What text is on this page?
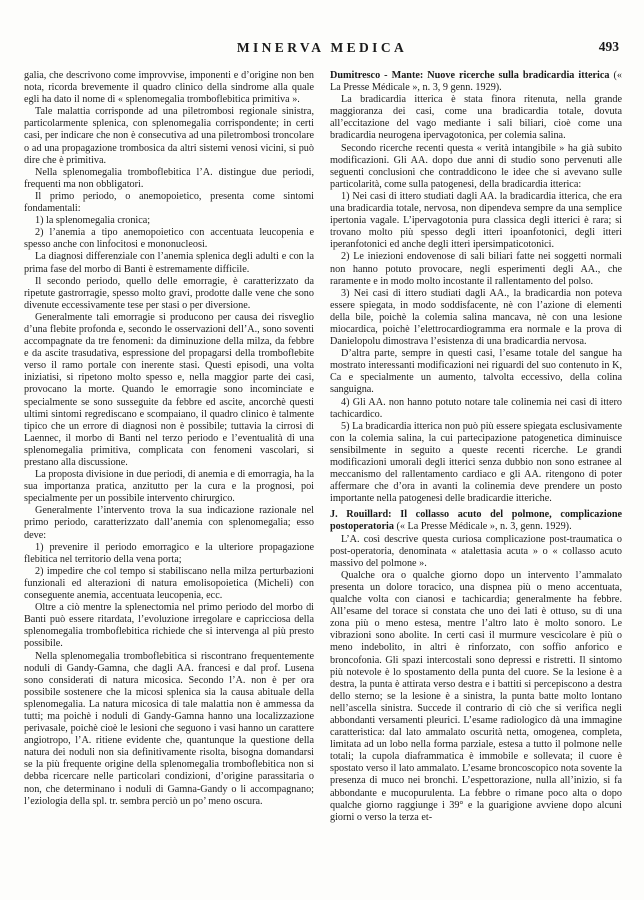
MINERVA MEDICA	493

galia, che descrivono come improvvise, imponenti e d’origine non ben nota, ricorda brevemente il quadro clinico della sindrome alla quale egli ha dato il nome di « splenomegalia tromboflebitica primitiva ».

Tale malattia corrisponde ad una piletrombosi regionale sinistra, particolarmente splenica, con splenomegalia corrispondente; in certi casi, per indicare che non è consecutiva ad una piletrombosi troncolare o ad una propagazione trombosica da altri sistemi venosi vicini, si può dire che è primitiva.

Nella splenomegalia tromboflebitica l’A. distingue due periodi, frequenti ma non obbligatori.

Il primo periodo, o anemopoietico, presenta come sintomi fondamentali:

1) la splenomegalia cronica;

2) l’anemia a tipo anemopoietico con accentuata leucopenia e spesso anche con linfocitosi e mononucleosi.

La diagnosi differenziale con l’anemia splenica degli adulti e con la prima fase del morbo di Banti è estremamente difficile.

Il secondo periodo, quello delle emorragie, è caratterizzato da ripetute gastrorragie, spesso molto gravi, prodotte dalle vene che sono divenute eccessivamente tese per stasi o per diversione.

Generalmente tali emorragie si producono per causa dei risveglio d’una flebite profonda e, secondo le osservazioni dell’A., sono soventi accompagnate da tre fenomeni: da diminuzione della milza, da febbre e da ascite trasudativa, espressione del propagarsi della tromboflebite verso il ramo portale con inerente stasi. Questi episodi, una volta iniziatisi, si ripetono molto spesso e, nella maggior parte dei casi, provocano la morte. Quando le emorragie sono incominciate e specialmente se sono susseguite da febbre ed ascite, ancorchè questi ultimi sintomi regrediscano e scompaiano, il quadro clinico è talmente tipico che un errore di diagnosi non è possibile; tuttavia la cirrosi di Laennec, il morbo di Banti nel terzo periodo e l’eventualità di una splenomegalia primitiva, complicata con fenomeni vascolari, si prestano alla discussione.

La proposta divisione in due periodi, di anemia e di emorragia, ha la sua importanza pratica, anzitutto per la cura e la prognosi, poi specialmente per un possibile intervento chirurgico.

Generalmente l’intervento trova la sua indicazione razionale nel primo periodo, caratterizzato dall’anemia con splenomegalia; esso deve:

1) prevenire il periodo emorragico e la ulteriore propagazione flebitica nel territorio della vena porta;

2) impedire che col tempo si stabiliscano nella milza perturbazioni funzionali ed alterazioni di natura emolisopoietica (Micheli) con conseguente anemia, accentuata leucopenia, ecc.

Oltre a ciò mentre la splenectomia nel primo periodo del morbo di Banti può essere ritardata, l’evoluzione irregolare e capricciosa della splenomegalia tromboflebitica richiede che si intervenga al più presto possibile.

Nella splenomegalia tromboflebitica si riscontrano frequentemente noduli di Gandy-Gamna, che dagli AA. francesi e dal prof. Lusena sono considerati di natura micosica. Secondo l’A. non è per ora possibile sostenere che la micosi splenica sia la causa abituale della splenomegalia. La natura micosica di tale malattia non è ammessa da tutti; ma poichè i noduli di Gandy-Gamna hanno una localizzazione perivasale, poichè cioè le lesioni che seguono i vasi hanno un carattere angiotropo, l’A. ritiene evidente che, quantunque la questione della natura dei noduli non sia definitivamente risolta, bisogna domandarsi se la più frequente origine della splenomegalia tromboflebitica non si debba ricercare nelle particolari condizioni, d’origine parassitaria o non, che determinano i noduli di Gamna-Gandy o li accompagnano; l’eziologia della spl. tr. sembra perciò un po’ meno oscura.

Dumitresco - Mante: Nuove ricerche sulla bradicardia itterica (« La Presse Médicale », n. 3, 9 genn. 1929).

La bradicardia itterica è stata finora ritenuta, nella grande maggioranza dei casi, come una bradicardia totale, dovuta all’eccitazione del vago mediante i sali biliari, cioè come una bradicardia neurogena ipervagotonica, per colemia salina.

Secondo ricerche recenti questa « verità intangibile » ha già subito modificazioni. Gli AA. dopo due anni di studio sono pervenuti alle seguenti conclusioni che contraddicono le idee che si avevano sulle particolarità, come sulla patogenesi, della bradicardia itterica:

1) Nei casi di ittero studiati dagli AA. la bradicardia itterica, che era una bradicardia totale, nervosa, non dipendeva sempre da una semplice ipertonia vagale. L’ipervagotonia pura classica degli itterici è rara; si trovano molto più spesso degli itteri ipoanfotonici, degli itteri iperanfotonici ed anche degli itteri ipersimpaticotonici.

2) Le iniezioni endovenose di sali biliari fatte nei soggetti normali non hanno potuto provocare, negli esperimenti degli AA., che raramente e in modo molto incostante il rallentamento del polso.

3) Nei casi di ittero studiati dagli AA., la bradicardia non poteva essere spiegata, in modo soddisfacente, nè con l’azione di elementi della bile, poichè la colemia salina mancava, nè con una lesione miocardica, poichè l’elettrocardiogramma era normale e la prova di Danielopolu dimostrava l’esistenza di una bradicardia nervosa.

D’altra parte, sempre in questi casi, l’esame totale del sangue ha mostrato interessanti modificazioni nei riguardi del suo contenuto in K, Ca e specialmente un aumento, talvolta eccessivo, della colina sanguigna.

4) Gli AA. non hanno potuto notare tale colinemia nei casi di ittero tachicardico.

5) La bradicardia itterica non può più essere spiegata esclusivamente con la colemia salina, la cui partecipazione patogenetica diminuisce sensibilmente in seguito a queste recenti ricerche. Le grandi modificazioni umorali degli itterici senza dubbio non sono estranee al meccanismo del rallentamento cardiaco e gli AA. ritengono di poter affermare che d’ora in avanti la colinemia deve prendere un posto importante nella patogenesi delle bradicardie itteriche.

J. Rouillard: Il collasso acuto del polmone, complicazione postoperatoria (« La Presse Médicale », n. 3, genn. 1929).

L’A. così descrive questa curiosa complicazione post-traumatica o post-operatoria, denominata « atalettasia acuta » o « collasso acuto massivo del polmone ».

Qualche ora o qualche giorno dopo un intervento l’ammalato presenta un dolore toracico, una dispnea più o meno accentuata, qualche volta con cianosi e tachicardia; generalmente ha febbre. All’esame del torace si constata che uno dei lati è ottuso, su di una zona più o meno estesa, mentre l’altro lato è molto sonoro. Le vibrazioni sono abolite. In certi casi il murmure vescicolare è più o meno indebolito, in altri è rinforzato, con soffio anforico e broncofonia. Gli spazi intercostali sono depressi e ristretti. Il sintomo più notevole è lo spostamento della punta del cuore. Se la lesione è a destra, la punta è attirata verso destra e i battiti si percepiscono a destra dello sterno; se la lesione è a sinistra, la punta batte molto lontano nell’ascella sinistra. Succede il contrario di ciò che si verifica negli abbondanti versamenti pleurici. L’esame radiologico dà una immagine caratteristica: dal lato ammalato oscurità netta, omogenea, completa, limitata ad un lobo nella forma parziale, estesa a tutto il polmone nelle totali; la cupola diaframmatica è immobile e sollevata; il cuore è spostato verso il lato ammalato. L’esame broncoscopico nota sovente la presenza di muco nei bronchi. L’espettorazione, nulla all’inizio, si fa abbondante e mucopurulenta. La febbre o rimane poco alta o dopo qualche giorno raggiunge i 39° e la guarigione avviene dopo alcuni giorni o verso la terza et-
